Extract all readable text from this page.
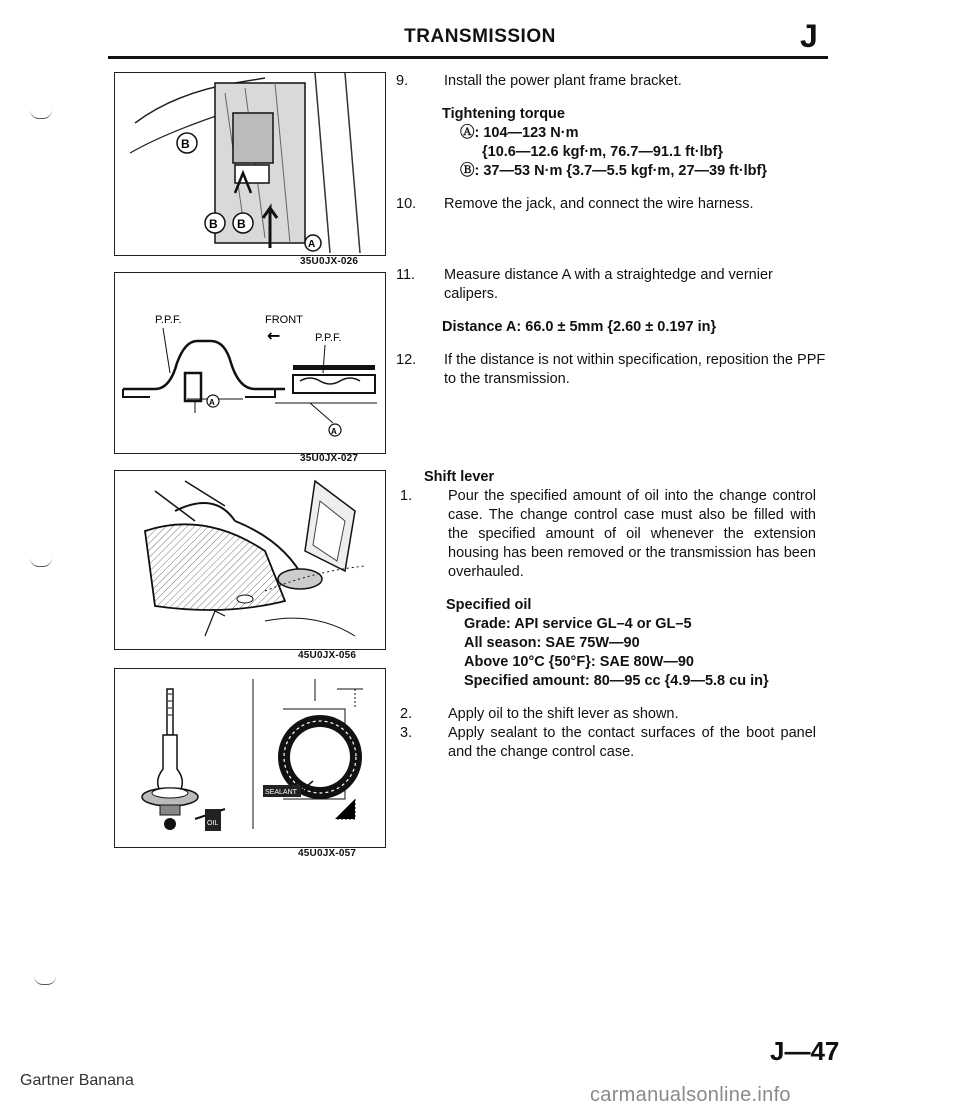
TRANSMISSION	J
B
B B
A
35U0JX-026
P.P.F.	FRONT
←	P.P.F.
A
A
35U0JX-027
45U0JX-056
OIL
SEALANT
45U0JX-057
9. Install the power plant frame bracket.
Tightening torque
Ⓐ: 104—123 N·m
{10.6—12.6 kgf·m, 76.7—91.1 ft·lbf}
Ⓑ: 37—53 N·m {3.7—5.5 kgf·m, 27—39 ft·lbf}
10. Remove the jack, and connect the wire harness.
11. Measure distance A with a straightedge and vernier calipers.
Distance A: 66.0 ± 5mm {2.60 ± 0.197 in}
12. If the distance is not within specification, reposition the PPF to the transmission.
Shift lever
1. Pour the specified amount of oil into the change control case. The change control case must also be filled with the specified amount of oil whenever the extension housing has been removed or the transmission has been overhauled.
Specified oil
Grade: API service GL–4 or GL–5
All season: SAE 75W—90
Above 10°C {50°F}: SAE 80W—90
Specified amount: 80—95 cc {4.9—5.8 cu in}
2. Apply oil to the shift lever as shown.
3. Apply sealant to the contact surfaces of the boot panel and the change control case.
Gartner Banana
J—47
carmanualsonline.info
